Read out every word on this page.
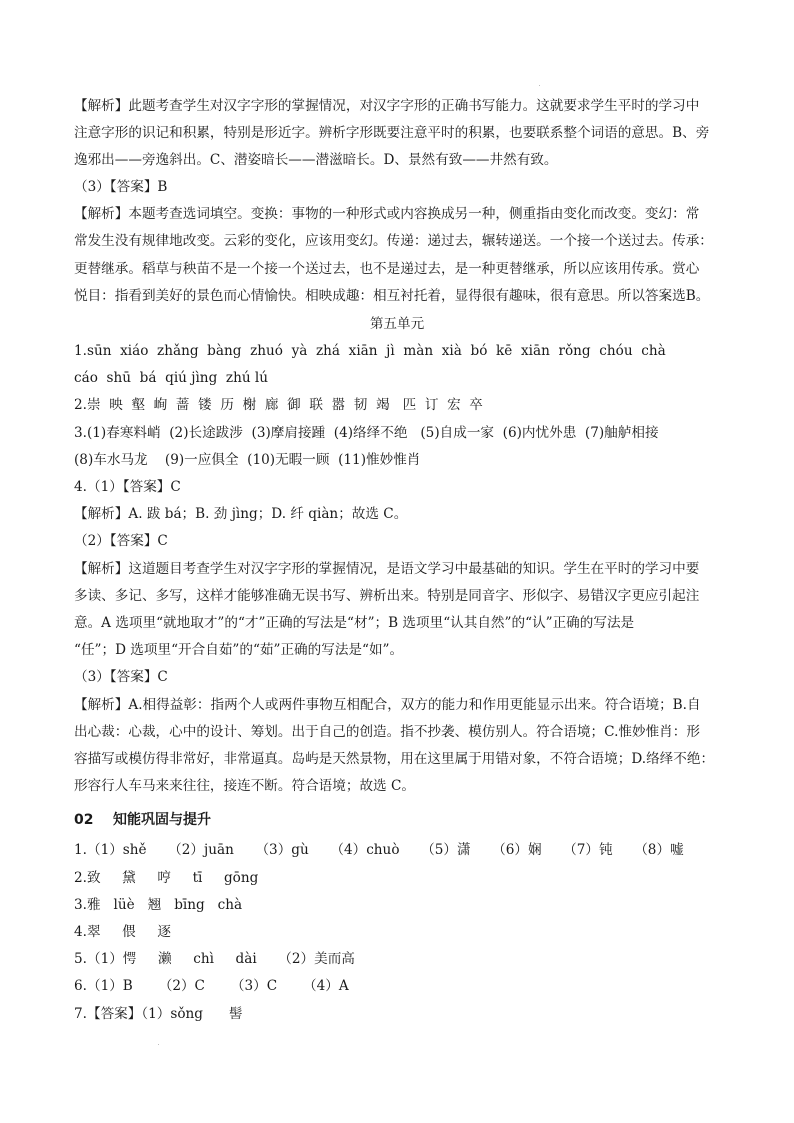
【解析】此题考查学生对汉字字形的掌握情况，对汉字字形的正确书写能力。这就要求学生平时的学习中
注意字形的识记和积累，特别是形近字。辨析字形既要注意平时的积累，也要联系整个词语的意思。B、旁
逸邪出——旁逸斜出。C、潜姿暗长——潜滋暗长。D、景然有致——井然有致。
（3）【答案】B
【解析】本题考查选词填空。变换：事物的一种形式或内容换成另一种，侧重指由变化而改变。变幻：常
常发生没有规律地改变。云彩的变化，应该用变幻。传递：递过去，辗转递送。一个接一个送过去。传承：
更替继承。稻草与秧苗不是一个接一个送过去，也不是递过去，是一种更替继承，所以应该用传承。赏心
悦目：指看到美好的景色而心情愉快。相映成趣：相互衬托着，显得很有趣味，很有意思。所以答案选B。
第五单元
1.sūn  xiáo  zhǎng  bàng  zhuó  yà  zhá  xiān  jì  màn  xià  bó  kē  xiān  rǒng  chóu  chà
cáo  shū  bá  qiú jìng  zhú lú
2.崇  映  壑  峋  蔷  镂  历  榭  廊  御  联  嚣  韧  竭   匹  订  宏  卒
3.(1)春寒料峭  (2)长途跋涉  (3)摩肩接踵  (4)络绎不绝   (5)自成一家  (6)内忧外患  (7)舳舻相接
(8)车水马龙    (9)一应俱全  (10)无暇一顾  (11)惟妙惟肖
4.（1）【答案】C
【解析】A. 跋 bá；B. 劲 jìng；D. 纤 qiàn；故选 C。
（2）【答案】C
【解析】这道题目考查学生对汉字字形的掌握情况，是语文学习中最基础的知识。学生在平时的学习中要
多读、多记、多写，这样才能够准确无误书写、辨析出来。特别是同音字、形似字、易错汉字更应引起注
意。A 选项里“就地取才”的“才”正确的写法是“材”；B 选项里“认其自然”的“认”正确的写法是
“任”；D 选项里“开合自茹”的“茹”正确的写法是“如”。
（3）【答案】C
【解析】A.相得益彰：指两个人或两件事物互相配合，双方的能力和作用更能显示出来。符合语境；B.自
出心裁：心裁，心中的设计、筹划。出于自己的创造。指不抄袭、模仿别人。符合语境；C.惟妙惟肖：形
容描写或模仿得非常好，非常逼真。岛屿是天然景物，用在这里属于用错对象，不符合语境；D.络绎不绝：
形容行人车马来来往往，接连不断。符合语境；故选 C。
02    知能巩固与提升
1.（1）shě     （2）juān     （3）gù     （4）chuò     （5）潇     （6）娴     （7）钝     （8）嘘
2.致     黛     哼     tī     gōng
3.雅   lüè   翘   bīng   chà
4.翠     偎     逐
5.（1）愕     濑     chì     dài     （2）美而高
6.（1）B      （2）C      （3）C      （4）A
7.【答案】（1）sǒng      髻
